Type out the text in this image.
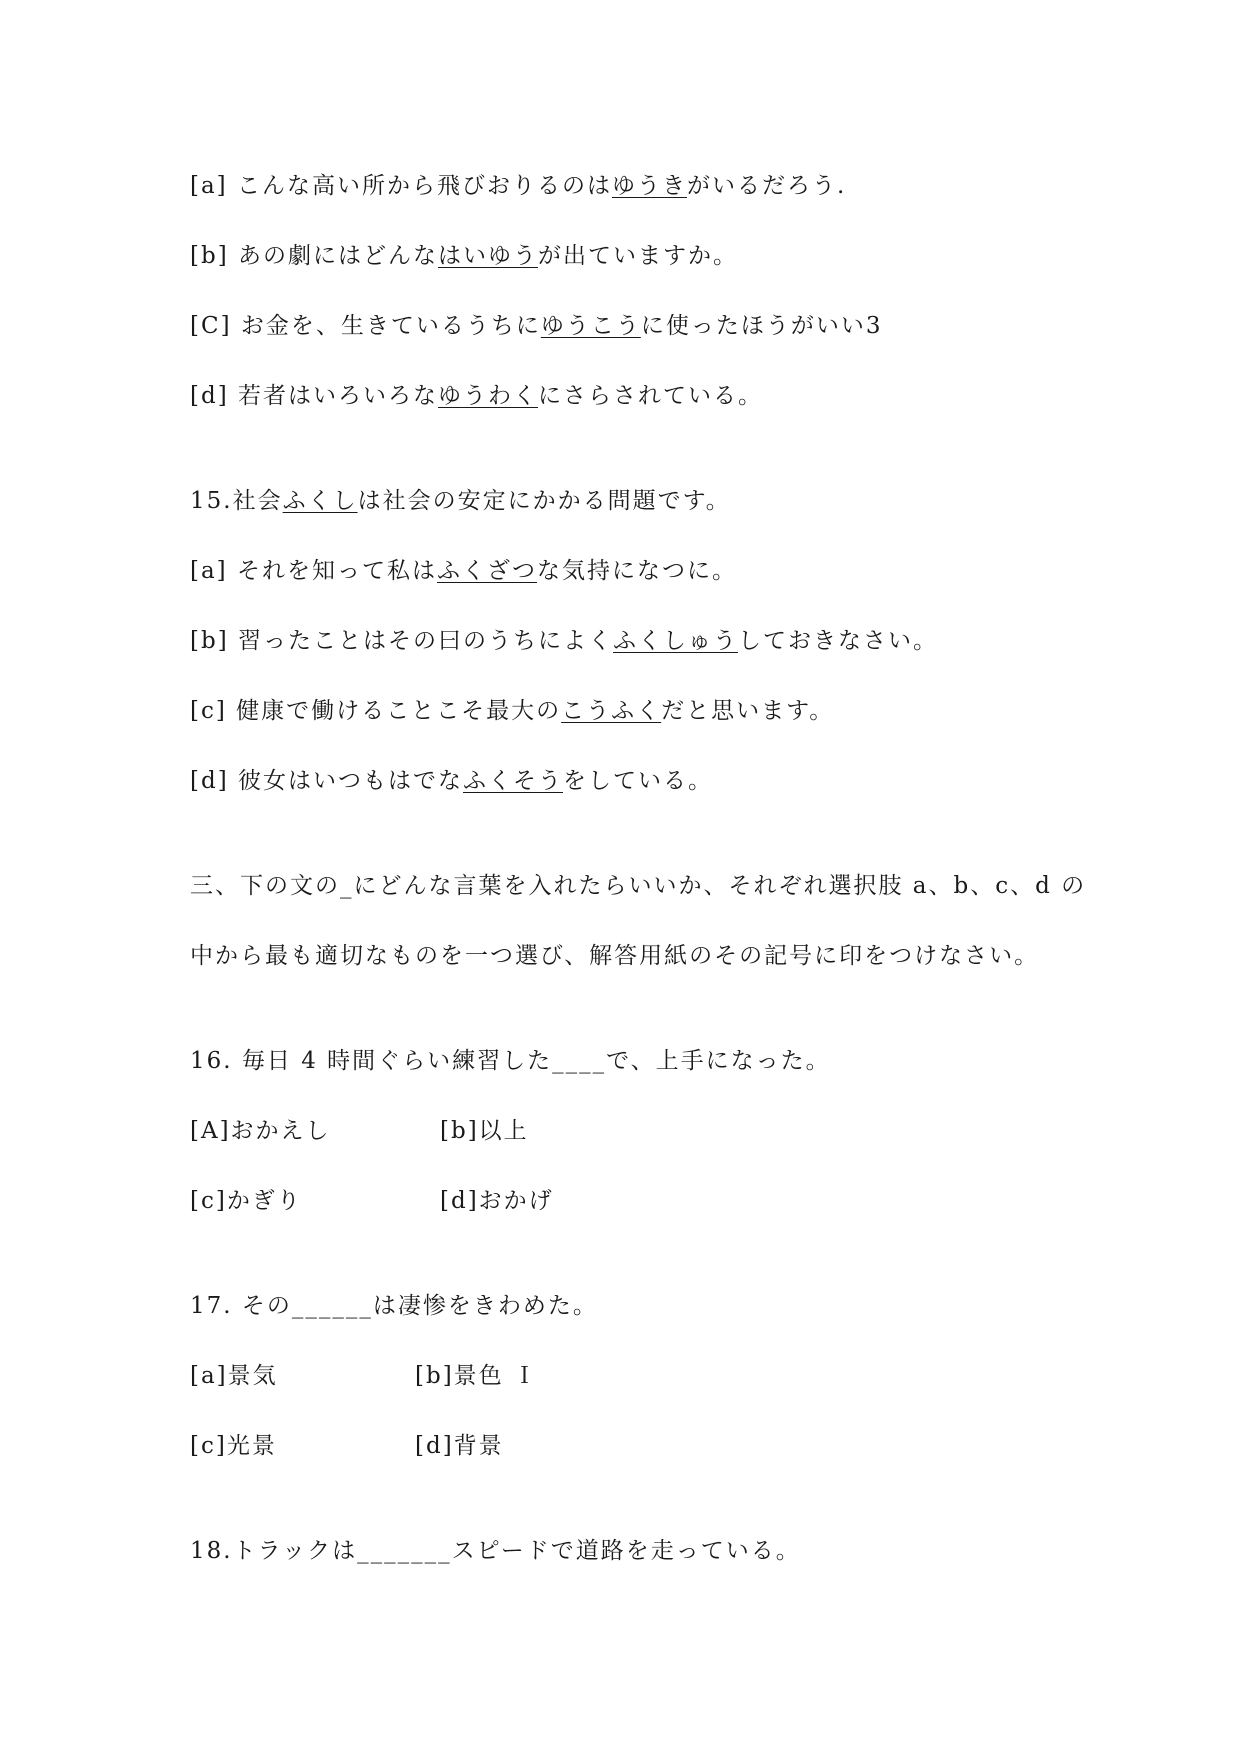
[a] こんな高い所から飛びおりるのはゆうきがいるだろう.
[b] あの劇にはどんなはいゆうが出ていますか。
[C] お金を、生きているうちにゆうこうに使ったほうがいい3
[d] 若者はいろいろなゆうわくにさらされている。
15.社会ふくしは社会の安定にかかる問題です。
[a] それを知って私はふくざつな気持になつに。
[b] 習ったことはその曰のうちによくふくしゅうしておきなさい。
[c] 健康で働けることこそ最大のこうふくだと思います。
[d] 彼女はいつもはでなふくそうをしている。
三、下の文の_にどんな言葉を入れたらいいか、それぞれ選択肢 a、b、c、d の
中から最も適切なものを一つ選び、解答用紙のその記号に印をつけなさい。
16. 毎日 4 時間ぐらい練習した____で、上手になった。
[A]おかえし	[b]以上
[c]かぎり	[d]おかげ
17. その______は凄惨をきわめた。
[a]景気	[b]景色 Ｉ
[c]光景	[d]背景
18.トラックは_______スピードで道路を走っている。
